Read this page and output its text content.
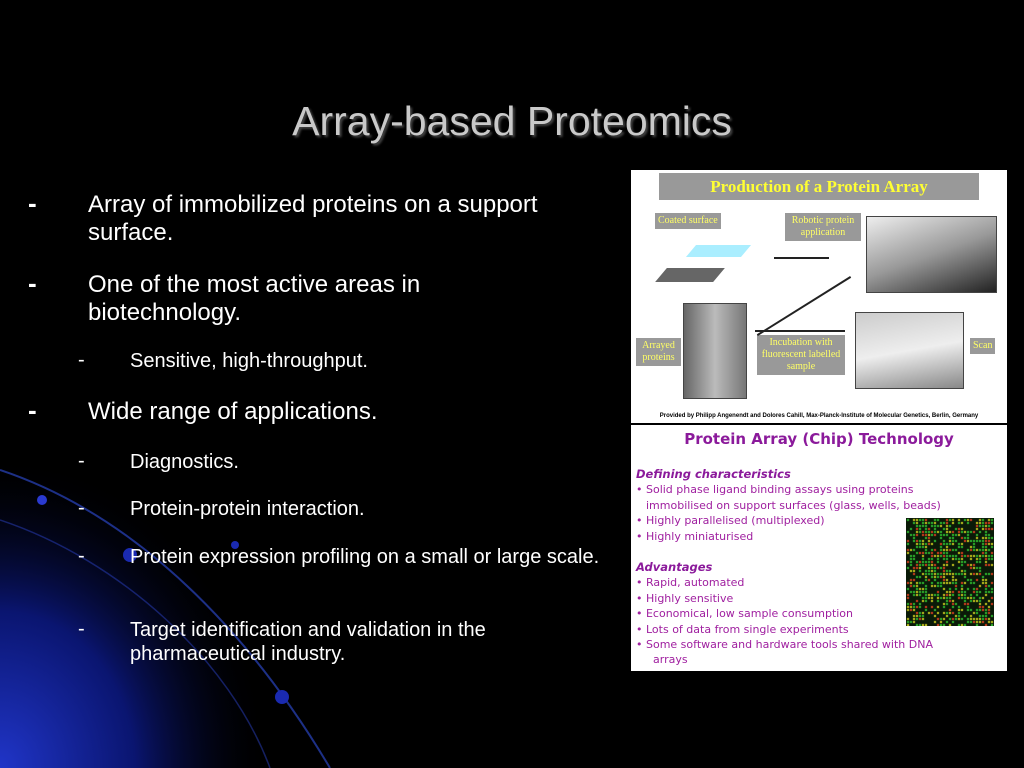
Array-based Proteomics
- Array of immobilized proteins on a support surface.
- One of the most active areas in biotechnology.
- Sensitive, high-throughput.
- Wide range of applications.
- Diagnostics.
- Protein-protein interaction.
- Protein expression profiling on a small or large scale.
- Target identification and validation in the pharmaceutical industry.
Production of a Protein Array
Coated surface	Robotic protein application
Arrayed proteins
Incubation with fluorescent labelled sample
Scan
Provided by Philipp Angenendt and Dolores Cahill, Max-Planck-Institute of Molecular Genetics, Berlin, Germany
Protein Array (Chip) Technology
Defining characteristics
• Solid phase ligand binding assays using proteins
immobilised on support surfaces (glass, wells, beads)
• Highly parallelised (multiplexed)
• Highly miniaturised
Advantages
• Rapid, automated
• Highly sensitive
• Economical, low sample consumption
• Lots of data from single experiments
• Some software and hardware tools shared with DNA
arrays
